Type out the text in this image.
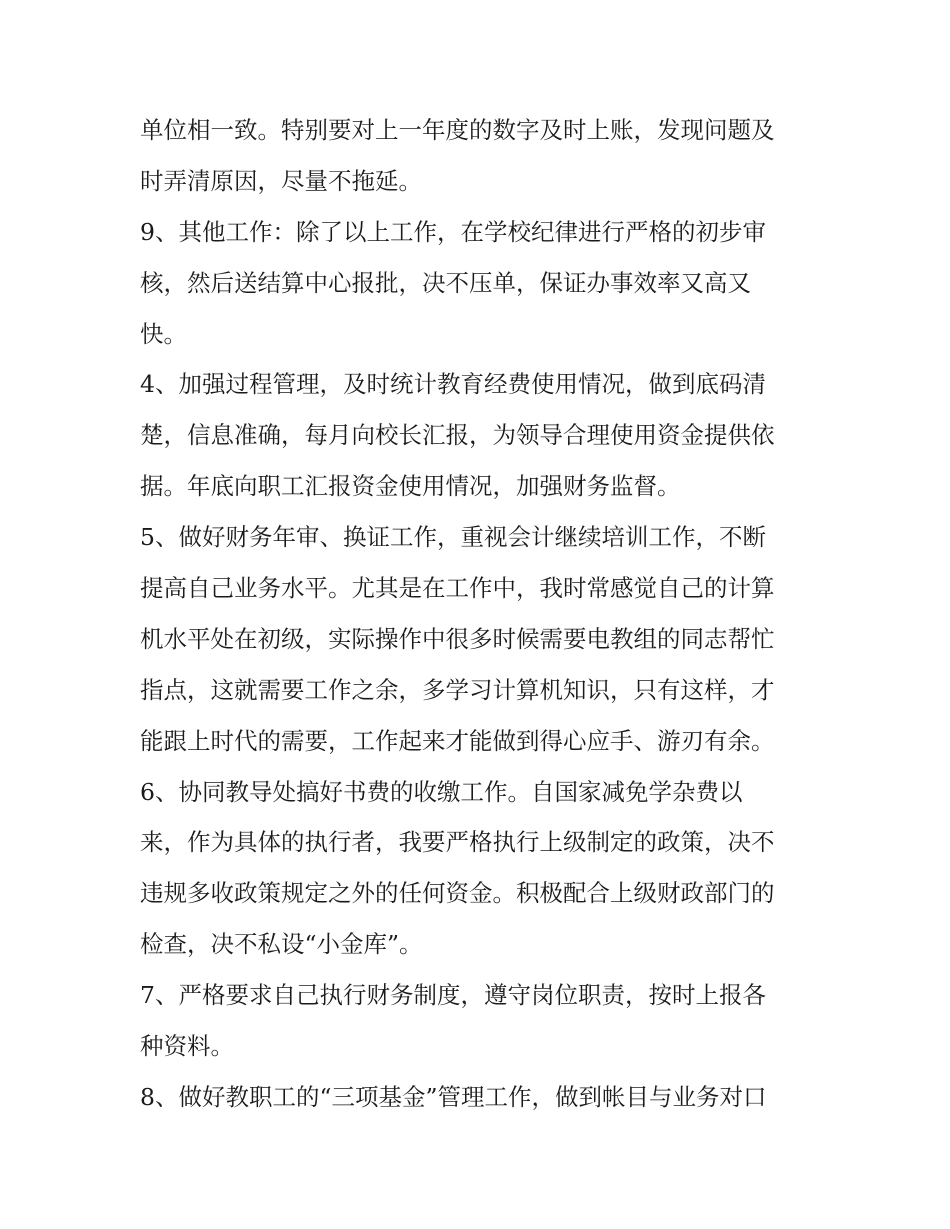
单位相一致。特别要对上一年度的数字及时上账，发现问题及
时弄清原因，尽量不拖延。
9、其他工作：除了以上工作，在学校纪律进行严格的初步审
核，然后送结算中心报批，决不压单，保证办事效率又高又
快。
4、加强过程管理，及时统计教育经费使用情况，做到底码清
楚，信息准确，每月向校长汇报，为领导合理使用资金提供依
据。年底向职工汇报资金使用情况，加强财务监督。
5、做好财务年审、换证工作，重视会计继续培训工作，不断
提高自己业务水平。尤其是在工作中，我时常感觉自己的计算
机水平处在初级，实际操作中很多时候需要电教组的同志帮忙
指点，这就需要工作之余，多学习计算机知识，只有这样，才
能跟上时代的需要，工作起来才能做到得心应手、游刃有余。
6、协同教导处搞好书费的收缴工作。自国家减免学杂费以
来，作为具体的执行者，我要严格执行上级制定的政策，决不
违规多收政策规定之外的任何资金。积极配合上级财政部门的
检查，决不私设“小金库”。
7、严格要求自己执行财务制度，遵守岗位职责，按时上报各
种资料。
8、做好教职工的“三项基金”管理工作，做到帐目与业务对口
